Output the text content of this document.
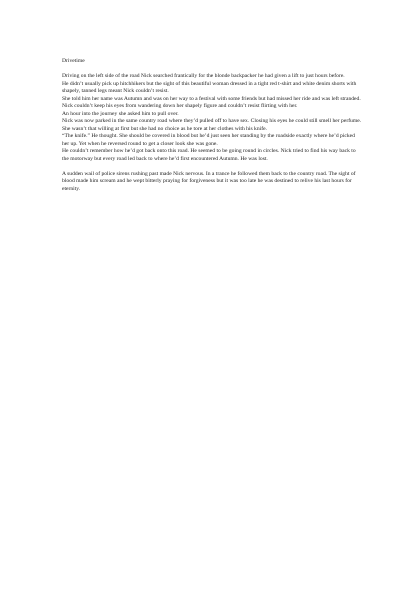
Drivetime

Driving on the left side of the road Nick searched frantically for the blonde backpacker he had given a lift to just hours before.

He didn’t usually pick up hitchhikers but the sight of this beautiful woman dressed in a tight red t-shirt and white denim shorts with shapely, tanned legs meant Nick couldn’t resist.

She told him her name was Autumn and was on her way to a festival with some friends but had missed her ride and was left stranded. Nick couldn’t keep his eyes from wandering down her shapely figure and couldn’t resist flirting with her.

An hour into the journey she asked him to pull over.

Nick was now parked in the same country road where they’d pulled off to have sex. Closing his eyes he could still smell her perfume. She wasn’t that willing at first but she had no choice as he tore at her clothes with his knife.

“The knife.” He thought. She should be covered in blood but he’d just seen her standing by the roadside exactly where he’d picked her up. Yet when he reversed round to get a closer look she was gone.

He couldn’t remember how he’d got back onto this road. He seemed to be going round in circles. Nick tried to find his way back to the motorway but every road led back to where he’d first encountered Autumn. He was lost.

A sudden wail of police sirens rushing past made Nick nervous. In a trance he followed them back to the country road. The sight of blood made him scream and he wept bitterly praying for forgiveness but it was too late he was destined to relive his last hours for eternity.
